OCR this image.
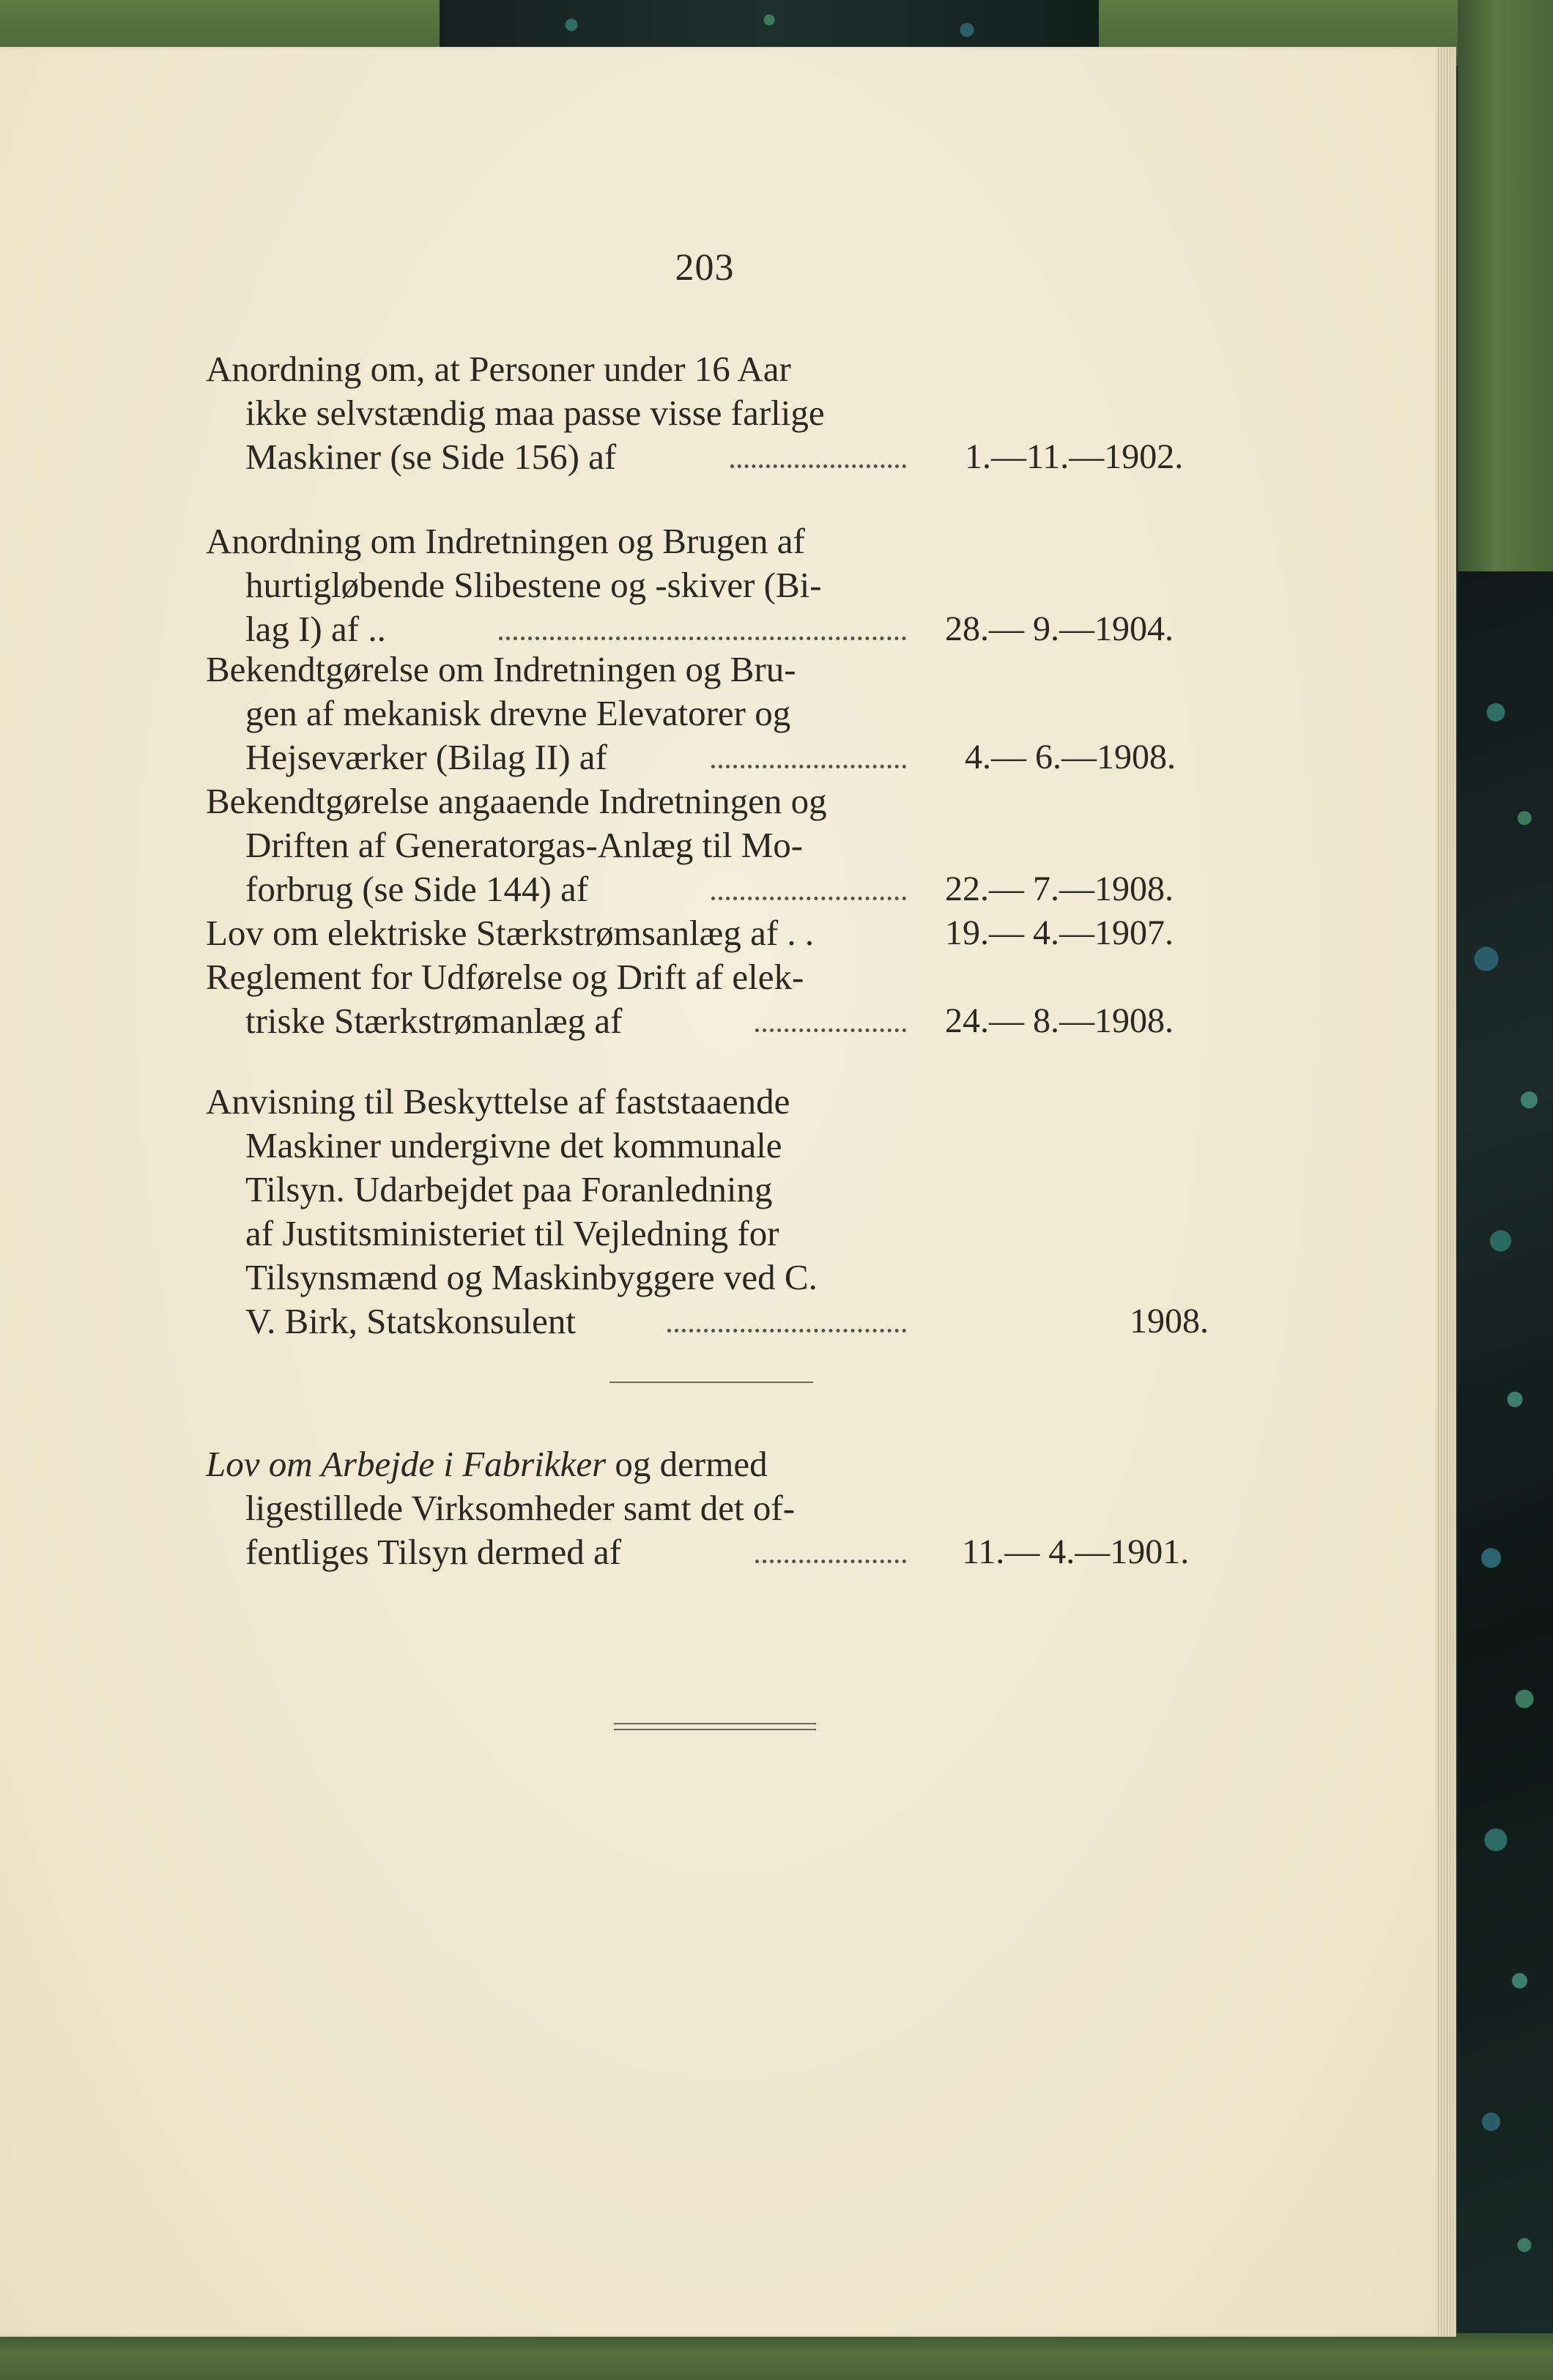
203
Anordning om, at Personer under 16 Aar
ikke selvstændig maa passe visse farlige
Maskiner (se Side 156) af	1.—11.—1902.
Anordning om Indretningen og Brugen af
hurtigløbende Slibestene og -skiver (Bi-
lag I) af ..	28.— 9.—1904.
Bekendtgørelse om Indretningen og Bru-
gen af mekanisk drevne Elevatorer og
Hejseværker (Bilag II) af	4.— 6.—1908.
Bekendtgørelse angaaende Indretningen og
Driften af Generatorgas-Anlæg til Mo-
forbrug (se Side 144) af	22.— 7.—1908.
Lov om elektriske Stærkstrømsanlæg af . .	19.— 4.—1907.
Reglement for Udførelse og Drift af elek-
triske Stærkstrømanlæg af	24.— 8.—1908.
Anvisning til Beskyttelse af faststaaende
Maskiner undergivne det kommunale
Tilsyn. Udarbejdet paa Foranledning
af Justitsministeriet til Vejledning for
Tilsynsmænd og Maskinbyggere ved C.
V. Birk, Statskonsulent	1908.
Lov om Arbejde i Fabrikker og dermed
ligestillede Virksomheder samt det of-
fentliges Tilsyn dermed af	11.— 4.—1901.
